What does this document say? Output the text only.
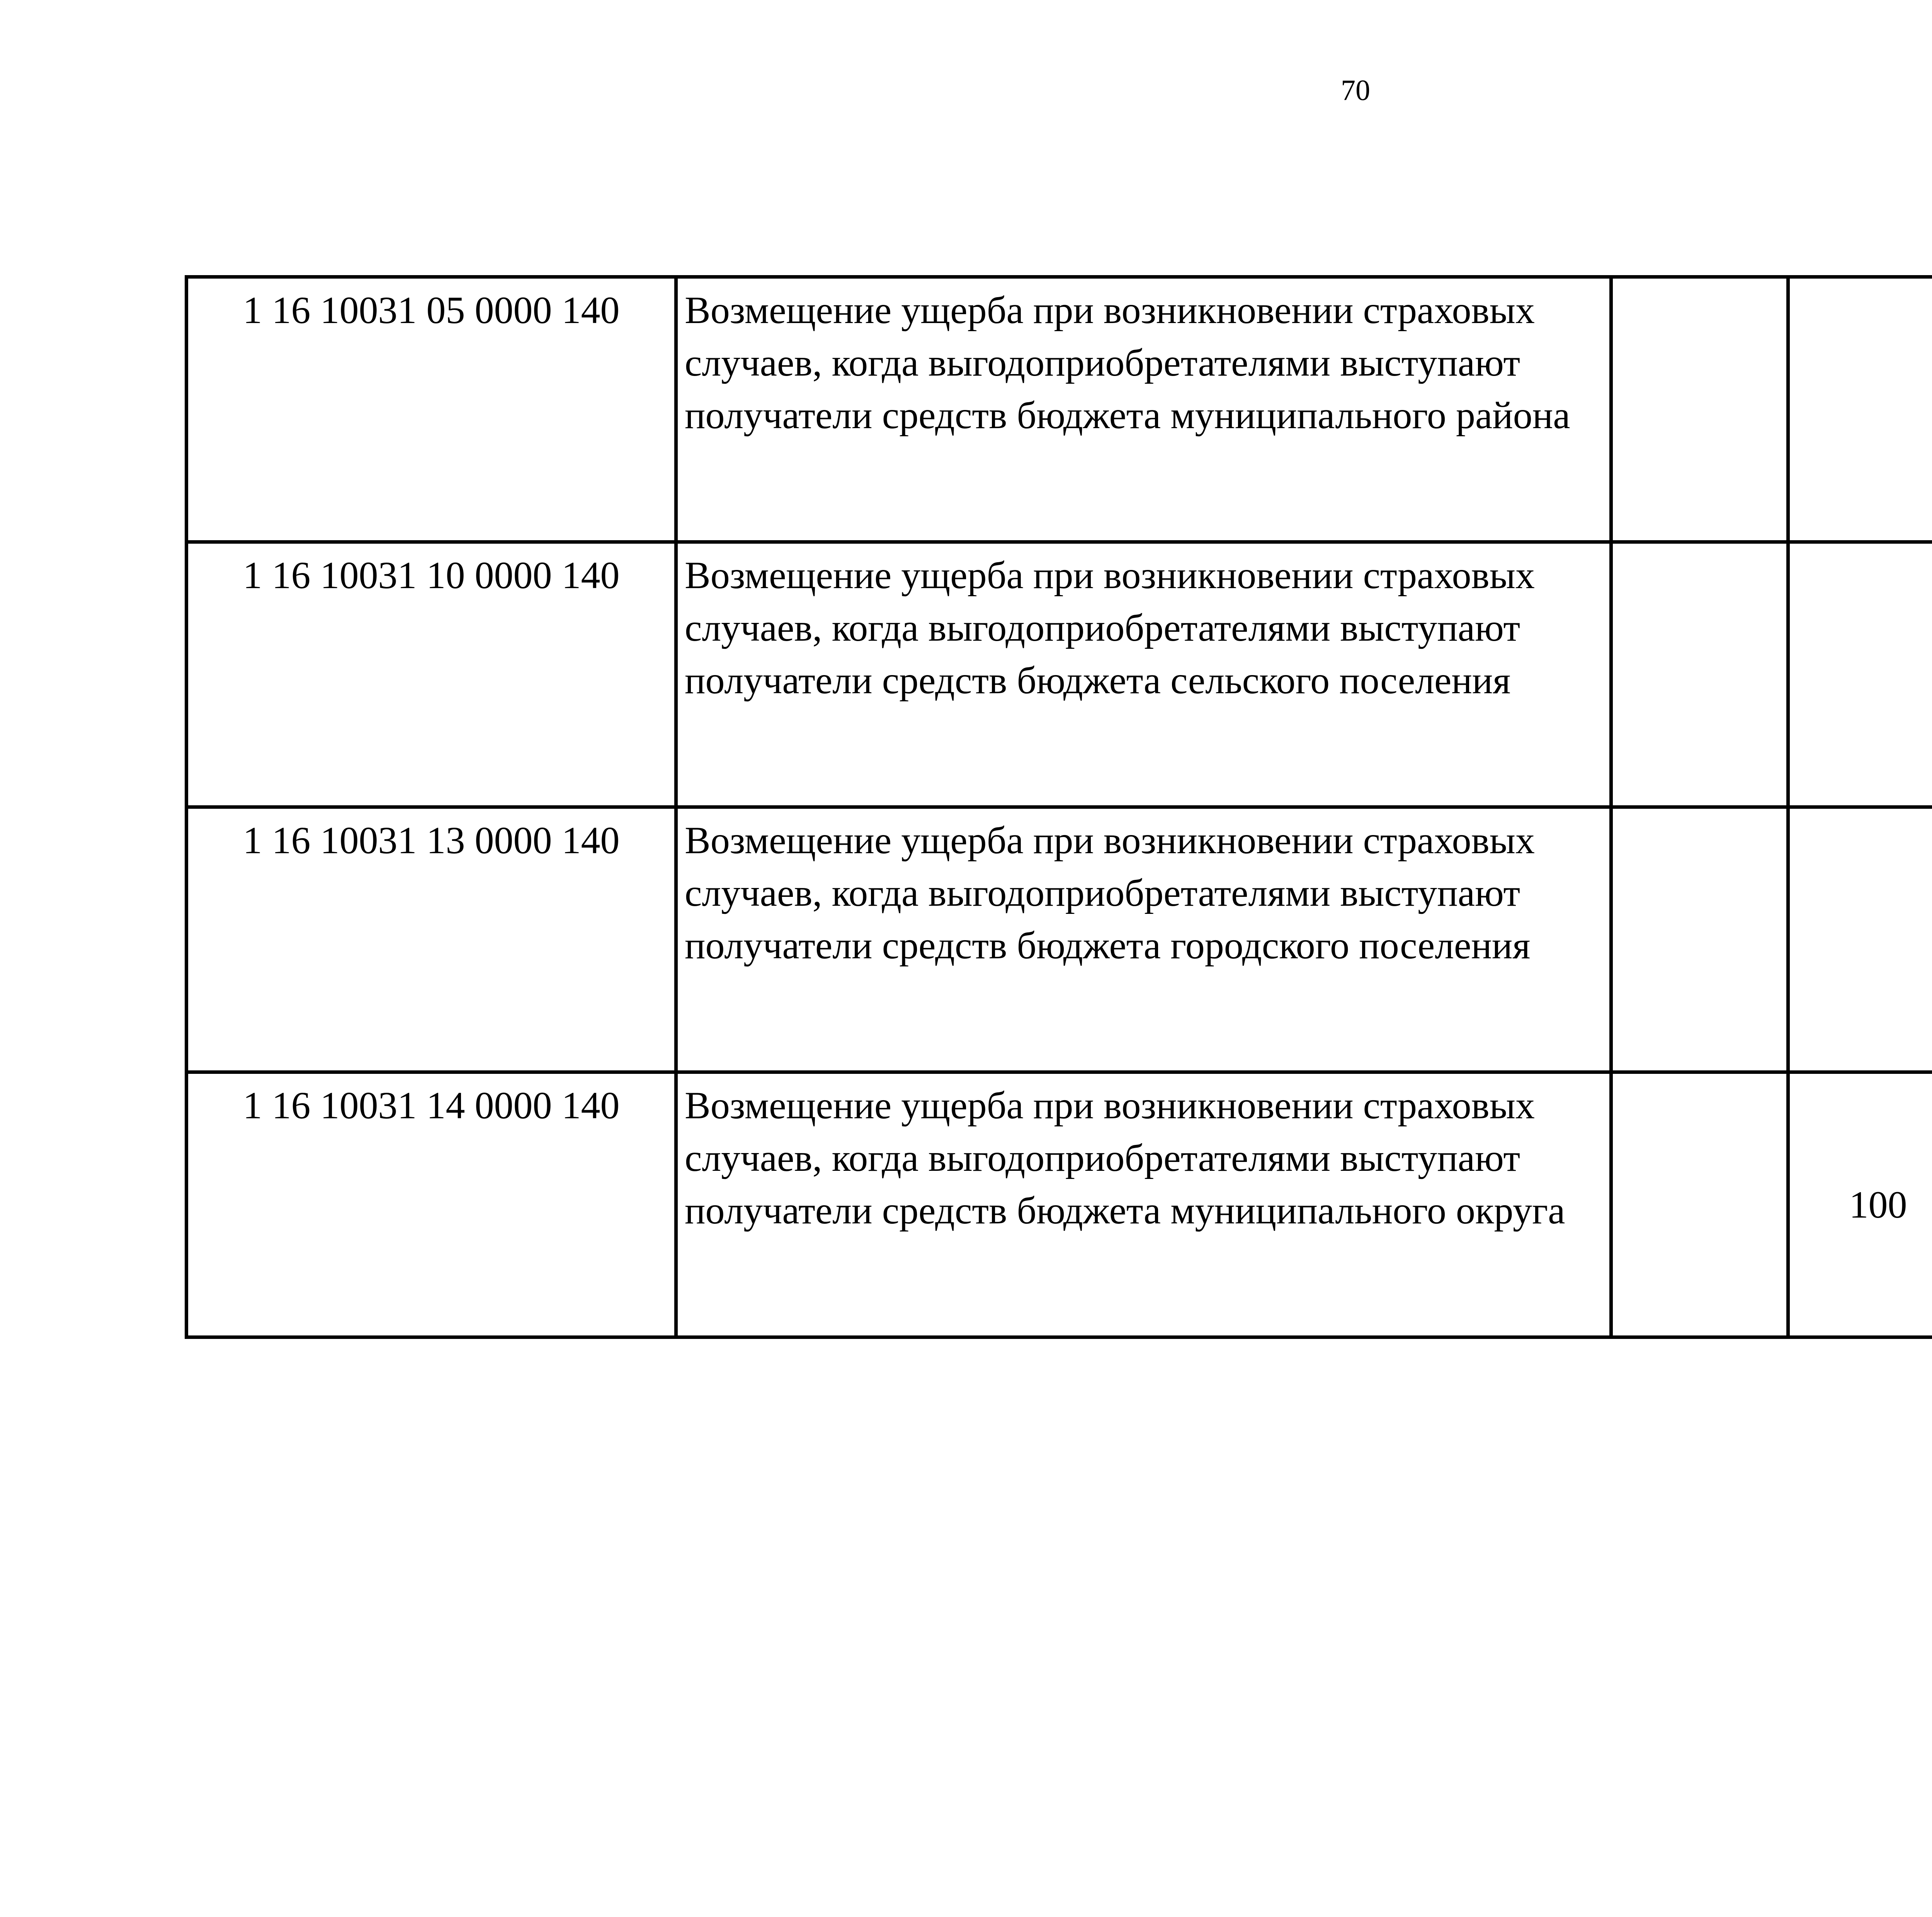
70
1 16 10031 05 0000 140	Возмещение ущерба при возникновении страховых случаев, когда выгодоприобретателями выступают получатели средств бюджета муниципального района					
1 16 10031 10 0000 140	Возмещение ущерба при возникновении страховых случаев, когда выгодоприобретателями выступают получатели средств бюджета сельского поселения					
1 16 10031 13 0000 140	Возмещение ущерба при возникновении страховых случаев, когда выгодоприобретателями выступают получатели средств бюджета городского поселения					
1 16 10031 14 0000 140	Возмещение ущерба при возникновении страховых случаев, когда выгодоприобретателями выступают получатели средств бюджета муниципального округа		100			
